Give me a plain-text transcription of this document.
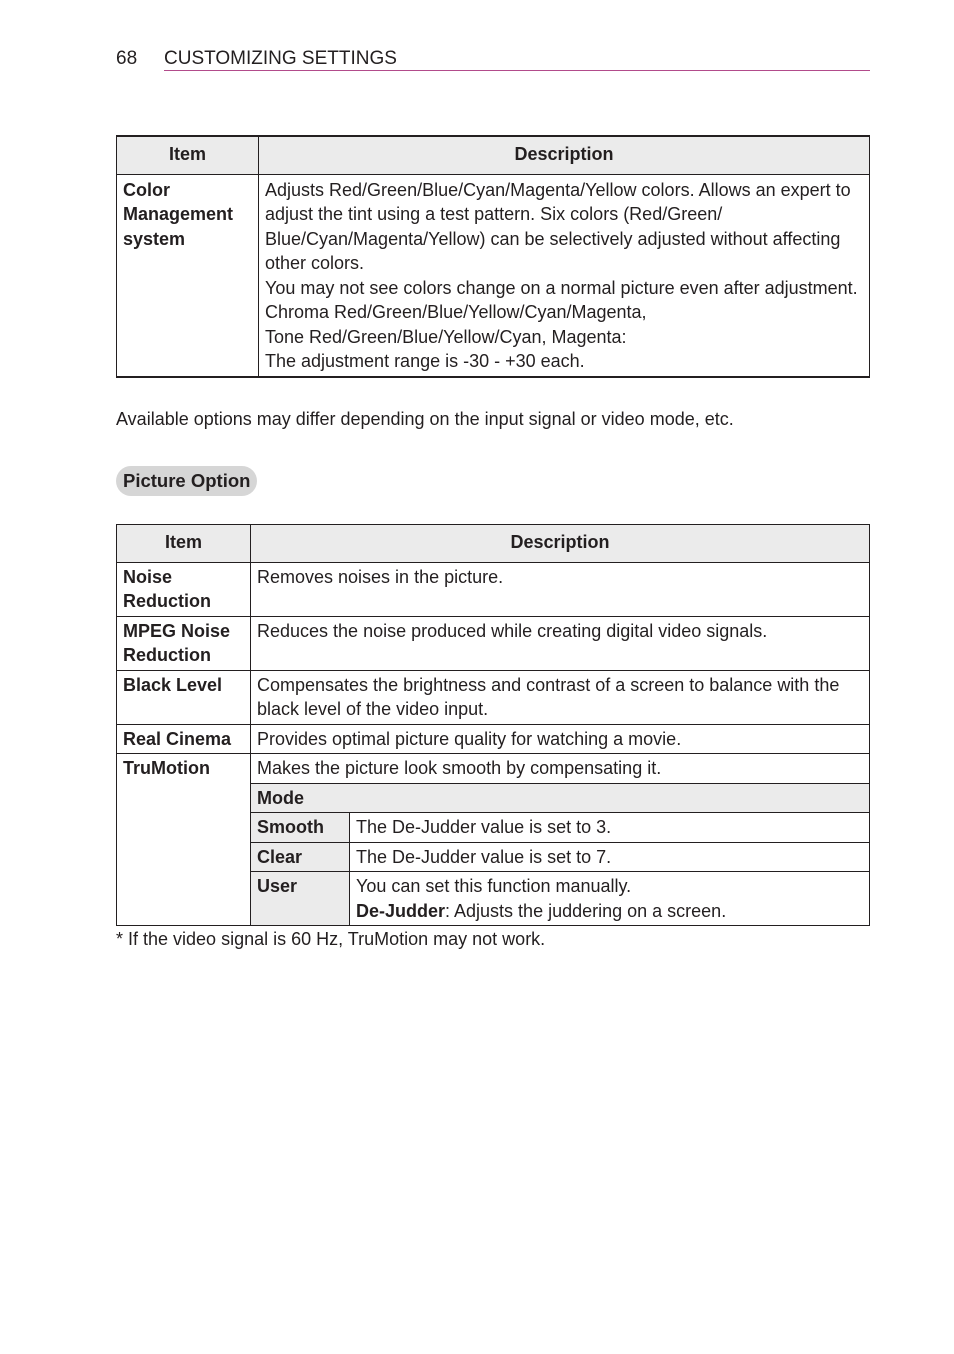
68 CUSTOMIZING SETTINGS
Item	Description
Color Management system	Adjusts Red/Green/Blue/Cyan/Magenta/Yellow colors. Allows an expert to adjust the tint using a test pattern. Six colors (Red/Green/ Blue/Cyan/Magenta/Yellow) can be selectively adjusted without affecting other colors.
You may not see colors change on a normal picture even after adjustment.
Chroma Red/Green/Blue/Yellow/Cyan/Magenta,
Tone Red/Green/Blue/Yellow/Cyan, Magenta:
The adjustment range is -30 - +30 each.
Available options may differ depending on the input signal or video mode, etc.
Picture Option
Item	Description	
Noise Reduction	Removes noises in the picture.	
MPEG Noise Reduction	Reduces the noise produced while creating digital video signals.	
Black Level	Compensates the brightness and contrast of a screen to balance with the black level of the video input.	
Real Cinema	Provides optimal picture quality for watching a movie.	
TruMotion	Makes the picture look smooth by compensating it.	
	Mode	
	Smooth	The De-Judder value is set to 3.
	Clear	The De-Judder value is set to 7.
	User	You can set this function manually.
De-Judder: Adjusts the juddering on a screen.
* If the video signal is 60 Hz, TruMotion may not work.
